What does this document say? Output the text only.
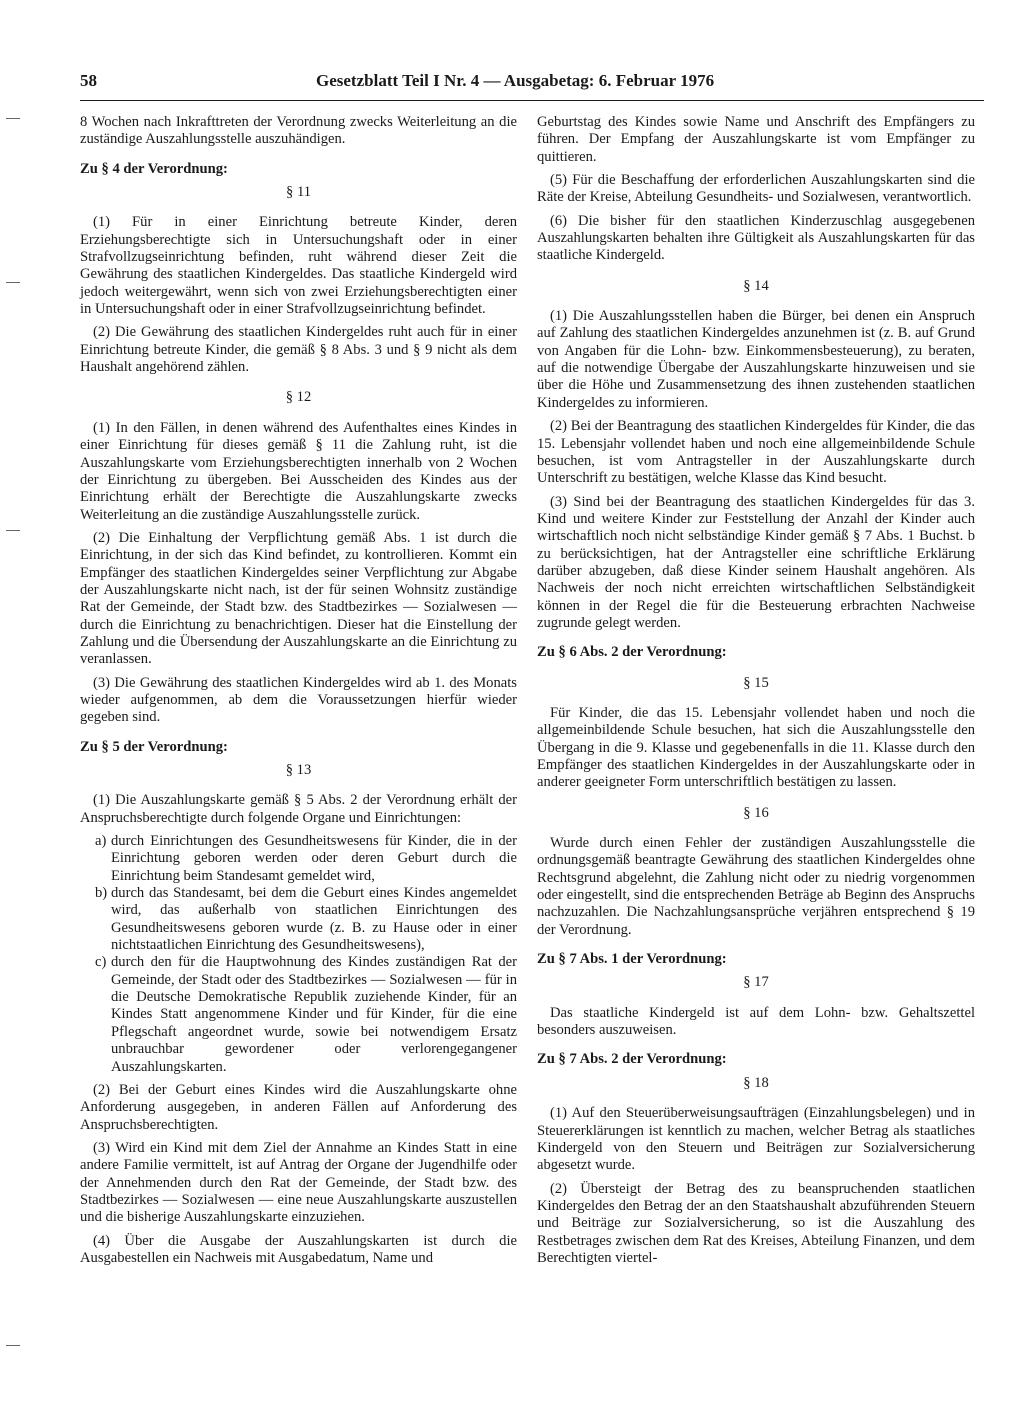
58	Gesetzblatt Teil I Nr. 4 — Ausgabetag: 6. Februar 1976

8 Wochen nach Inkrafttreten der Verordnung zwecks Weiterleitung an die zuständige Auszahlungsstelle auszuhändigen.

Zu § 4 der Verordnung:
§ 11

(1) Für in einer Einrichtung betreute Kinder, deren Erziehungsberechtigte sich in Untersuchungshaft oder in einer Strafvollzugseinrichtung befinden, ruht während dieser Zeit die Gewährung des staatlichen Kindergeldes. Das staatliche Kindergeld wird jedoch weitergewährt, wenn sich von zwei Erziehungsberechtigten einer in Untersuchungshaft oder in einer Strafvollzugseinrichtung befindet.

(2) Die Gewährung des staatlichen Kindergeldes ruht auch für in einer Einrichtung betreute Kinder, die gemäß § 8 Abs. 3 und § 9 nicht als dem Haushalt angehörend zählen.

§ 12

(1) In den Fällen, in denen während des Aufenthaltes eines Kindes in einer Einrichtung für dieses gemäß § 11 die Zahlung ruht, ist die Auszahlungskarte vom Erziehungsberechtigten innerhalb von 2 Wochen der Einrichtung zu übergeben. Bei Ausscheiden des Kindes aus der Einrichtung erhält der Berechtigte die Auszahlungskarte zwecks Weiterleitung an die zuständige Auszahlungsstelle zurück.

(2) Die Einhaltung der Verpflichtung gemäß Abs. 1 ist durch die Einrichtung, in der sich das Kind befindet, zu kontrollieren. Kommt ein Empfänger des staatlichen Kindergeldes seiner Verpflichtung zur Abgabe der Auszahlungskarte nicht nach, ist der für seinen Wohnsitz zuständige Rat der Gemeinde, der Stadt bzw. des Stadtbezirkes — Sozialwesen — durch die Einrichtung zu benachrichtigen. Dieser hat die Einstellung der Zahlung und die Übersendung der Auszahlungskarte an die Einrichtung zu veranlassen.

(3) Die Gewährung des staatlichen Kindergeldes wird ab 1. des Monats wieder aufgenommen, ab dem die Voraussetzungen hierfür wieder gegeben sind.

Zu § 5 der Verordnung:
§ 13

(1) Die Auszahlungskarte gemäß § 5 Abs. 2 der Verordnung erhält der Anspruchsberechtigte durch folgende Organe und Einrichtungen:

a) durch Einrichtungen des Gesundheitswesens für Kinder, die in der Einrichtung geboren werden oder deren Geburt durch die Einrichtung beim Standesamt gemeldet wird,
b) durch das Standesamt, bei dem die Geburt eines Kindes angemeldet wird, das außerhalb von staatlichen Einrichtungen des Gesundheitswesens geboren wurde (z. B. zu Hause oder in einer nichtstaatlichen Einrichtung des Gesundheitswesens),
c) durch den für die Hauptwohnung des Kindes zuständigen Rat der Gemeinde, der Stadt oder des Stadtbezirkes — Sozialwesen — für in die Deutsche Demokratische Republik zuziehende Kinder, für an Kindes Statt angenommene Kinder und für Kinder, für die eine Pflegschaft angeordnet wurde, sowie bei notwendigem Ersatz unbrauchbar gewordener oder verlorengegangener Auszahlungskarten.

(2) Bei der Geburt eines Kindes wird die Auszahlungskarte ohne Anforderung ausgegeben, in anderen Fällen auf Anforderung des Anspruchsberechtigten.

(3) Wird ein Kind mit dem Ziel der Annahme an Kindes Statt in eine andere Familie vermittelt, ist auf Antrag der Organe der Jugendhilfe oder der Annehmenden durch den Rat der Gemeinde, der Stadt bzw. des Stadtbezirkes — Sozialwesen — eine neue Auszahlungskarte auszustellen und die bisherige Auszahlungskarte einzuziehen.

(4) Über die Ausgabe der Auszahlungskarten ist durch die Ausgabestellen ein Nachweis mit Ausgabedatum, Name und

Geburtstag des Kindes sowie Name und Anschrift des Empfängers zu führen. Der Empfang der Auszahlungskarte ist vom Empfänger zu quittieren.

(5) Für die Beschaffung der erforderlichen Auszahlungskarten sind die Räte der Kreise, Abteilung Gesundheits- und Sozialwesen, verantwortlich.

(6) Die bisher für den staatlichen Kinderzuschlag ausgegebenen Auszahlungskarten behalten ihre Gültigkeit als Auszahlungskarten für das staatliche Kindergeld.

§ 14

(1) Die Auszahlungsstellen haben die Bürger, bei denen ein Anspruch auf Zahlung des staatlichen Kindergeldes anzunehmen ist (z. B. auf Grund von Angaben für die Lohn- bzw. Einkommensbesteuerung), zu beraten, auf die notwendige Übergabe der Auszahlungskarte hinzuweisen und sie über die Höhe und Zusammensetzung des ihnen zustehenden staatlichen Kindergeldes zu informieren.

(2) Bei der Beantragung des staatlichen Kindergeldes für Kinder, die das 15. Lebensjahr vollendet haben und noch eine allgemeinbildende Schule besuchen, ist vom Antragsteller in der Auszahlungskarte durch Unterschrift zu bestätigen, welche Klasse das Kind besucht.

(3) Sind bei der Beantragung des staatlichen Kindergeldes für das 3. Kind und weitere Kinder zur Feststellung der Anzahl der Kinder auch wirtschaftlich noch nicht selbständige Kinder gemäß § 7 Abs. 1 Buchst. b zu berücksichtigen, hat der Antragsteller eine schriftliche Erklärung darüber abzugeben, daß diese Kinder seinem Haushalt angehören. Als Nachweis der noch nicht erreichten wirtschaftlichen Selbständigkeit können in der Regel die für die Besteuerung erbrachten Nachweise zugrunde gelegt werden.

Zu § 6 Abs. 2 der Verordnung:
§ 15

Für Kinder, die das 15. Lebensjahr vollendet haben und noch die allgemeinbildende Schule besuchen, hat sich die Auszahlungsstelle den Übergang in die 9. Klasse und gegebenenfalls in die 11. Klasse durch den Empfänger des staatlichen Kindergeldes in der Auszahlungskarte oder in anderer geeigneter Form unterschriftlich bestätigen zu lassen.

§ 16

Wurde durch einen Fehler der zuständigen Auszahlungsstelle die ordnungsgemäß beantragte Gewährung des staatlichen Kindergeldes ohne Rechtsgrund abgelehnt, die Zahlung nicht oder zu niedrig vorgenommen oder eingestellt, sind die entsprechenden Beträge ab Beginn des Anspruchs nachzuzahlen. Die Nachzahlungsansprüche verjähren entsprechend § 19 der Verordnung.

Zu § 7 Abs. 1 der Verordnung:
§ 17

Das staatliche Kindergeld ist auf dem Lohn- bzw. Gehaltszettel besonders auszuweisen.

Zu § 7 Abs. 2 der Verordnung:
§ 18

(1) Auf den Steuerüberweisungsaufträgen (Einzahlungsbelegen) und in Steuererklärungen ist kenntlich zu machen, welcher Betrag als staatliches Kindergeld von den Steuern und Beiträgen zur Sozialversicherung abgesetzt wurde.

(2) Übersteigt der Betrag des zu beanspruchenden staatlichen Kindergeldes den Betrag der an den Staatshaushalt abzuführenden Steuern und Beiträge zur Sozialversicherung, so ist die Auszahlung des Restbetrages zwischen dem Rat des Kreises, Abteilung Finanzen, und dem Berechtigten viertel-
